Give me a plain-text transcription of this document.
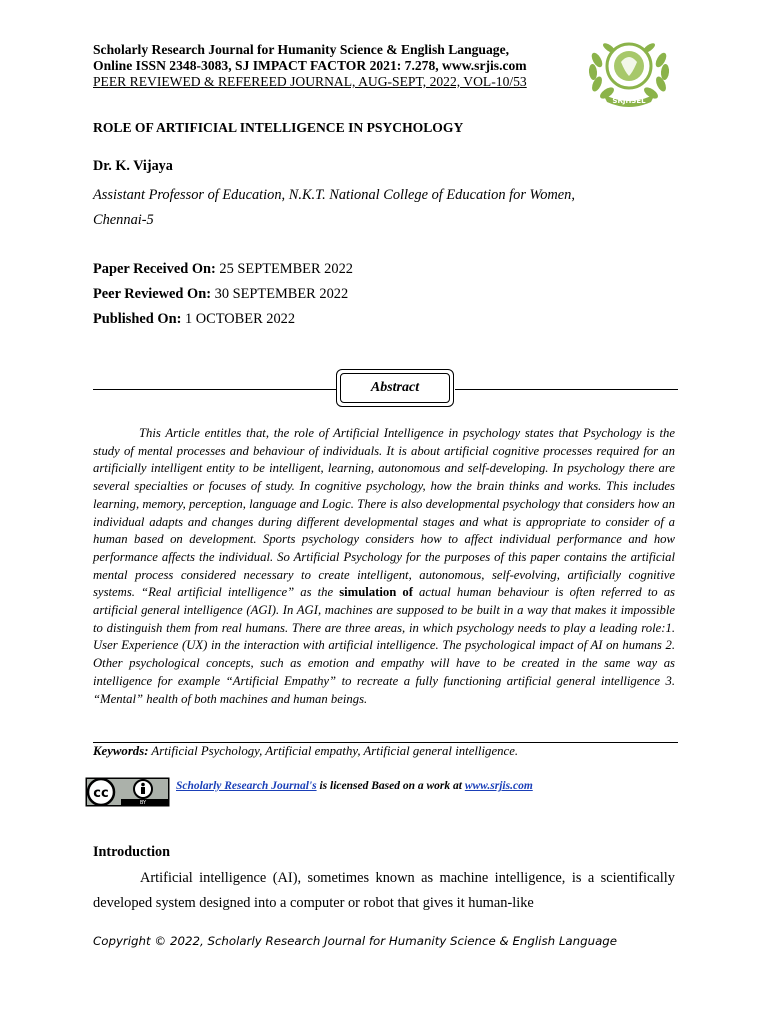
Scholarly Research Journal for Humanity Science & English Language,
Online ISSN 2348-3083, SJ IMPACT FACTOR 2021: 7.278, www.srjis.com
PEER REVIEWED & REFEREED JOURNAL, AUG-SEPT, 2022, VOL-10/53
SRJHSEL
ROLE OF ARTIFICIAL INTELLIGENCE IN PSYCHOLOGY
Dr. K. Vijaya
Assistant Professor of Education, N.K.T. National College of Education for Women,
Chennai-5
Paper Received On: 25 SEPTEMBER 2022
Peer Reviewed On: 30 SEPTEMBER 2022
Published On: 1 OCTOBER 2022
Abstract
This Article entitles that, the role of Artificial Intelligence in psychology states that Psychology is the study of mental processes and behaviour of individuals. It is about artificial cognitive processes required for an artificially intelligent entity to be intelligent, learning, autonomous and self-developing. In psychology there are several specialties or focuses of study. In cognitive psychology, how the brain thinks and works. This includes learning, memory, perception, language and Logic. There is also developmental psychology that considers how an individual adapts and changes during different developmental stages and what is appropriate to consider of a human based on development. Sports psychology considers how to affect individual performance and how performance affects the individual. So Artificial Psychology for the purposes of this paper contains the artificial mental process considered necessary to create intelligent, autonomous, self-evolving, artificially cognitive systems. “Real artificial intelligence” as the simulation of actual human behaviour is often referred to as artificial general intelligence (AGI). In AGI, machines are supposed to be built in a way that makes it impossible to distinguish them from real humans. There are three areas, in which psychology needs to play a leading role:1. User Experience (UX) in the interaction with artificial intelligence. The psychological impact of AI on humans 2. Other psychological concepts, such as emotion and empathy will have to be created in the same way as intelligence for example “Artificial Empathy” to recreate a fully functioning artificial general intelligence 3. “Mental” health of both machines and human beings.
Keywords: Artificial Psychology, Artificial empathy, Artificial general intelligence.
cc
BY
Scholarly Research Journal's is licensed Based on a work at www.srjis.com
Introduction
Artificial intelligence (AI), sometimes known as machine intelligence, is a scientifically developed system designed into a computer or robot that gives it human-like
Copyright © 2022, Scholarly Research Journal for Humanity Science & English Language
